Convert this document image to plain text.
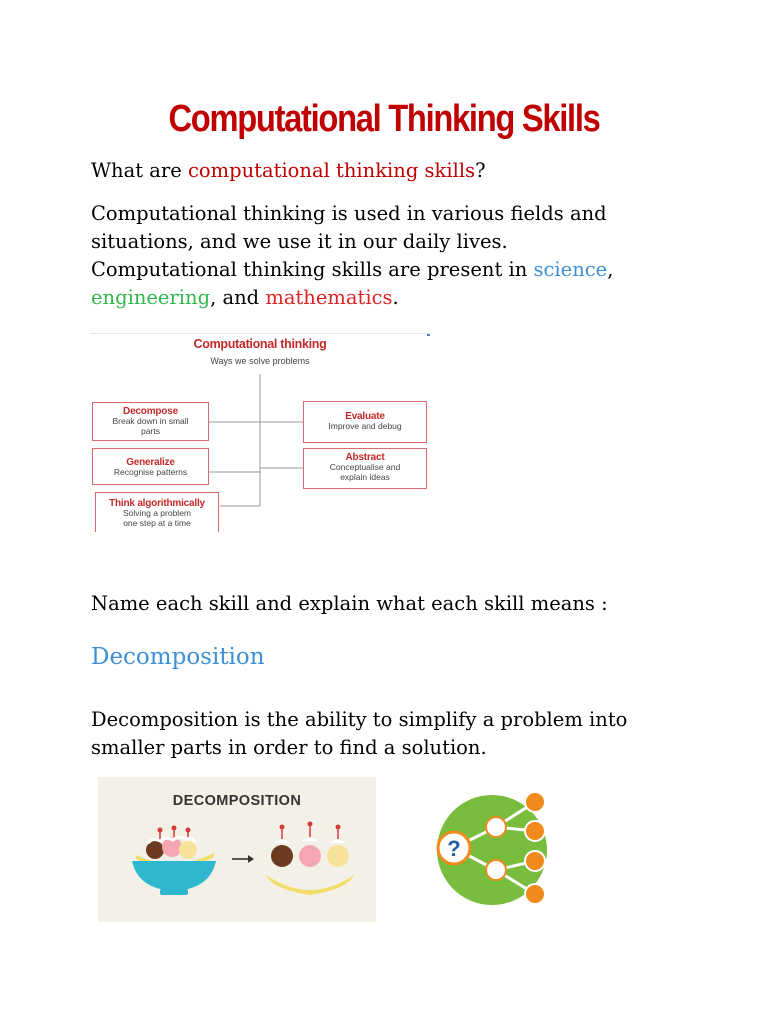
Computational Thinking Skills

What are computational thinking skills?

Computational thinking is used in various fields and
situations, and we use it in our daily lives.
Computational thinking skills are present in science,
engineering, and mathematics.
Decompose
Break down in small
parts
Generalize
Recognise patterns
Think algorithmically
Solving a problem
one step at a time
Evaluate
Improve and debug
Abstract
Conceptualise and
explain ideas
Computational thinking
Ways we solve problems

Name each skill and explain what each skill means :

Decomposition
Decomposition is the ability to simplify a problem into
smaller parts in order to find a solution.
DECOMPOSITION
?
